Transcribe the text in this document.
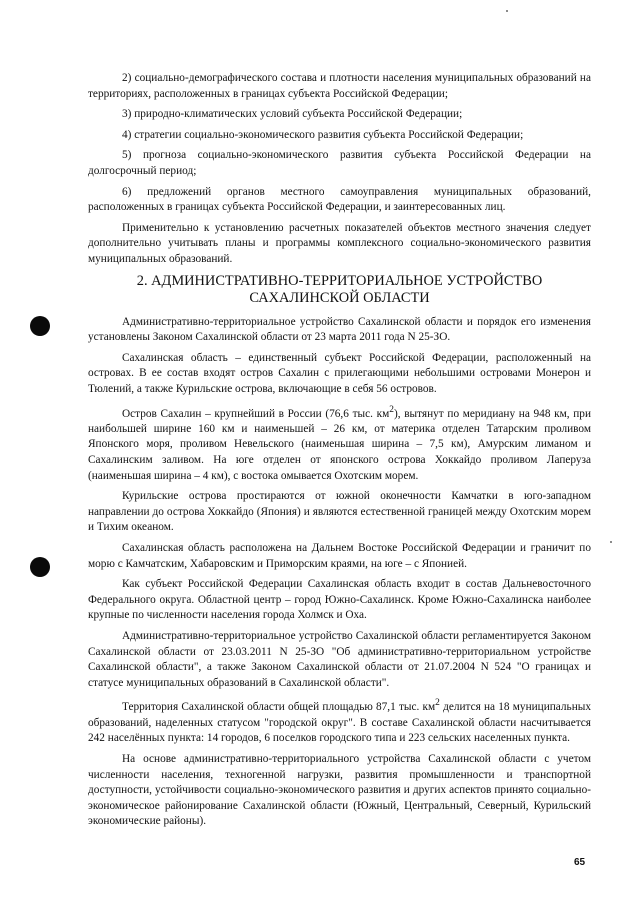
2) социально-демографического состава и плотности населения муниципальных образований на территориях, расположенных в границах субъекта Российской Федерации;

3) природно-климатических условий субъекта Российской Федерации;

4) стратегии социально-экономического развития субъекта Российской Федерации;

5) прогноза социально-экономического развития субъекта Российской Федерации на долгосрочный период;

6) предложений органов местного самоуправления муниципальных образований, расположенных в границах субъекта Российской Федерации, и заинтересованных лиц.

Применительно к установлению расчетных показателей объектов местного значения следует дополнительно учитывать планы и программы комплексного социально-экономического развития муниципальных образований.

2. АДМИНИСТРАТИВНО-ТЕРРИТОРИАЛЬНОЕ УСТРОЙСТВО САХАЛИНСКОЙ ОБЛАСТИ

Административно-территориальное устройство Сахалинской области и порядок его изменения установлены Законом Сахалинской области от 23 марта 2011 года N 25-ЗО.

Сахалинская область – единственный субъект Российской Федерации, расположенный на островах. В ее состав входят остров Сахалин с прилегающими небольшими островами Монерон и Тюлений, а также Курильские острова, включающие в себя 56 островов.

Остров Сахалин – крупнейший в России (76,6 тыс. $км^2$), вытянут по меридиану на 948 км, при наибольшей ширине 160 км и наименьшей – 26 км, от материка отделен Татарским проливом Японского моря, проливом Невельского (наименьшая ширина – 7,5 км), Амурским лиманом и Сахалинским заливом. На юге отделен от японского острова Хоккайдо проливом Лаперуза (наименьшая ширина – 4 км), с востока омывается Охотским морем.

Курильские острова простираются от южной оконечности Камчатки в юго-западном направлении до острова Хоккайдо (Япония) и являются естественной границей между Охотским морем и Тихим океаном.

Сахалинская область расположена на Дальнем Востоке Российской Федерации и граничит по морю с Камчатским, Хабаровским и Приморским краями, на юге – с Японией.

Как субъект Российской Федерации Сахалинская область входит в состав Дальневосточного Федерального округа. Областной центр – город Южно-Сахалинск. Кроме Южно-Сахалинска наиболее крупные по численности населения города Холмск и Оха.

Административно-территориальное устройство Сахалинской области регламентируется Законом Сахалинской области от 23.03.2011 N 25-ЗО "Об административно-территориальном устройстве Сахалинской области", а также Законом Сахалинской области от 21.07.2004 N 524 "О границах и статусе муниципальных образований в Сахалинской области".

Территория Сахалинской области общей площадью 87,1 тыс. $км^2$ делится на 18 муниципальных образований, наделенных статусом "городской округ". В составе Сахалинской области насчитывается 242 населённых пункта: 14 городов, 6 поселков городского типа и 223 сельских населенных пункта.

На основе административно-территориального устройства Сахалинской области с учетом численности населения, техногенной нагрузки, развития промышленности и транспортной доступности, устойчивости социально-экономического развития и других аспектов принято социально-экономическое районирование Сахалинской области (Южный, Центральный, Северный, Курильский экономические районы).

65
